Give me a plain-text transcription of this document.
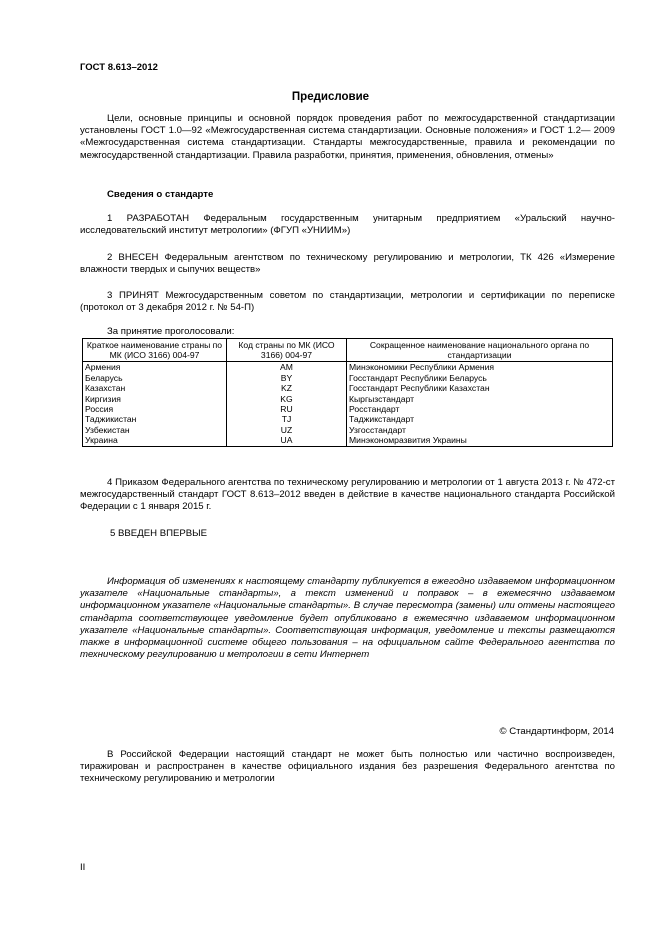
ГОСТ 8.613–2012
Предисловие

Цели, основные принципы и основной порядок проведения работ по межгосударственной стандартизации установлены ГОСТ 1.0—92 «Межгосударственная система стандартизации. Основные положения» и ГОСТ 1.2— 2009 «Межгосударственная система стандартизации. Стандарты межгосударственные, правила и рекомендации по межгосударственной стандартизации. Правила разработки, принятия, применения, обновления, отмены»

Сведения о стандарте

1 РАЗРАБОТАН Федеральным государственным унитарным предприятием «Уральский научно-исследовательский институт метрологии» (ФГУП «УНИИМ»)

2 ВНЕСЕН Федеральным агентством по техническому регулированию и метрологии, ТК 426 «Измерение влажности твердых и сыпучих веществ»

3 ПРИНЯТ Межгосударственным советом по стандартизации, метрологии и сертификации по переписке (протокол от 3 декабря 2012 г. № 54-П)

За принятие проголосовали:
Краткое наименование страны по МК (ИСО 3166) 004-97	Код страны по МК (ИСО 3166) 004-97	Сокращенное наименование национального органа по стандартизации
Армения	AM	Минэкономики Республики Армения
Беларусь	BY	Госстандарт Республики Беларусь
Казахстан	KZ	Госстандарт Республики Казахстан
Киргизия	KG	Кыргызстандарт
Россия	RU	Росстандарт
Таджикистан	TJ	Таджикстандарт
Узбекистан	UZ	Узгосстандарт
Украина	UA	Минэкономразвития Украины

4 Приказом Федерального агентства по техническому регулированию и метрологии от 1 августа 2013 г. № 472-ст межгосударственный стандарт ГОСТ 8.613–2012 введен в действие в качестве национального стандарта Российской Федерации с 1 января 2015 г.

5 ВВЕДЕН ВПЕРВЫЕ

Информация об изменениях к настоящему стандарту публикуется в ежегодно издаваемом информационном указателе «Национальные стандарты», а текст изменений и поправок – в ежемесячно издаваемом информационном указателе «Национальные стандарты». В случае пересмотра (замены) или отмены настоящего стандарта соответствующее уведомление будет опубликовано в ежемесячно издаваемом информационном указателе «Национальные стандарты». Соответствующая информация, уведомление и тексты размещаются также в информационной системе общего пользования – на официальном сайте Федерального агентства по техническому регулированию и метрологии в сети Интернет

© Стандартинформ, 2014

В Российской Федерации настоящий стандарт не может быть полностью или частично воспроизведен, тиражирован и распространен в качестве официального издания без разрешения Федерального агентства по техническому регулированию и метрологии

II
